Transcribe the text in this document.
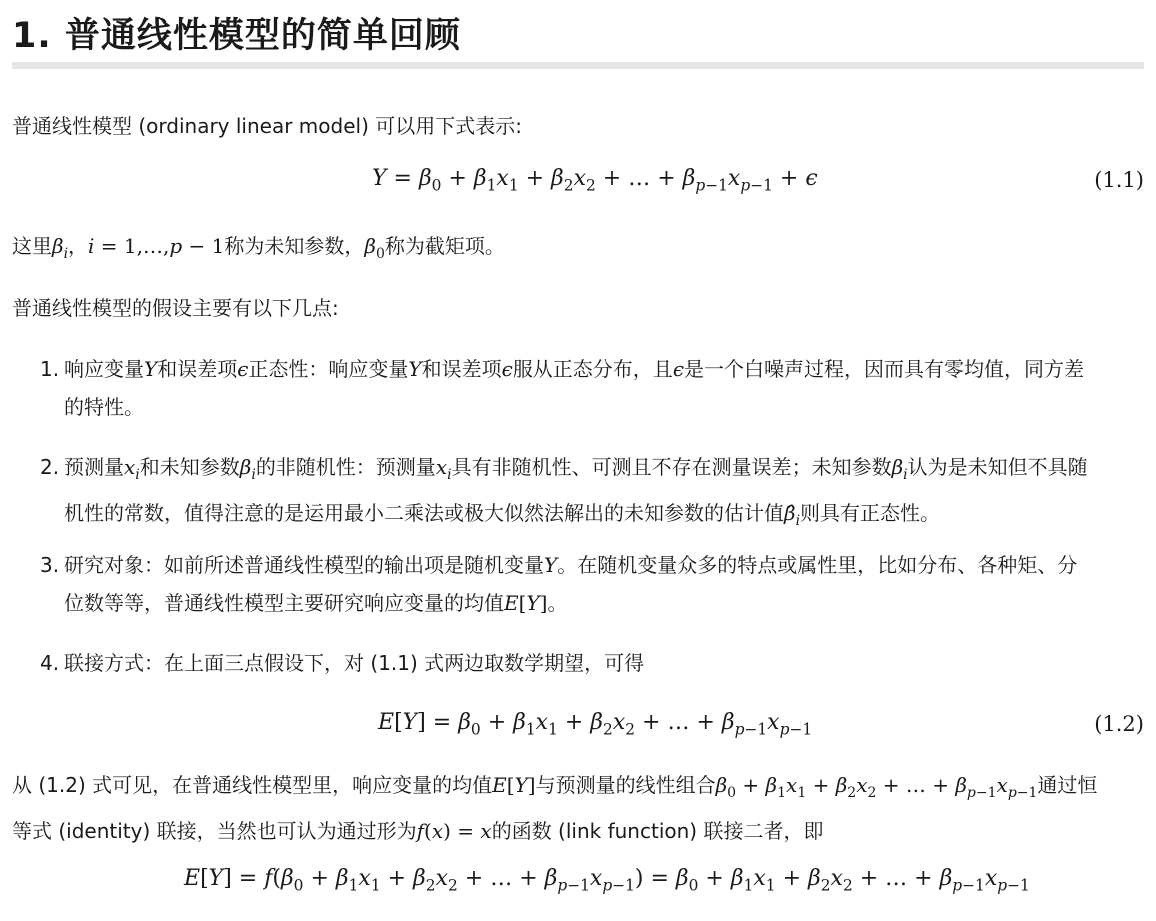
1. 普通线性模型的简单回顾
普通线性模型 (ordinary linear model) 可以用下式表示:
$Y = \beta_0 + \beta_1x_1 + \beta_2x_2$ + … + $\beta_{p-1}x_{p-1} + \epsilon$	(1.1)
这里$\beta_i$，i = 1,…,p − 1称为未知参数，$\beta_0$称为截矩项。
普通线性模型的假设主要有以下几点:
1. 响应变量Y和误差项ϵ正态性：响应变量Y和误差项ϵ服从正态分布，且ϵ是一个白噪声过程，因而具有零均值，同方差
的特性。
2. 预测量$x_i$和未知参数$\beta_i$的非随机性：预测量$x_i$具有非随机性、可测且不存在测量误差；未知参数$\beta_i$认为是未知但不具随
机性的常数，值得注意的是运用最小二乘法或极大似然法解出的未知参数的估计值$\betâ_i$则具有正态性。
3. 研究对象：如前所述普通线性模型的输出项是随机变量Y。在随机变量众多的特点或属性里，比如分布、各种矩、分
位数等等，普通线性模型主要研究响应变量的均值E[Y]。
4. 联接方式：在上面三点假设下，对 (1.1) 式两边取数学期望，可得
$E[Y] = \beta_0 + \beta_1x_1 + \beta_2x_2$ + … + $\beta_{p-1}x_{p-1}$	(1.2)
从 (1.2) 式可见，在普通线性模型里，响应变量的均值E[Y]与预测量的线性组合$\beta_0 + \beta_1x_1 + \beta_2x_2$ + … + $\beta_{p-1}x_{p-1}$通过恒
等式 (identity) 联接，当然也可认为通过形为f(x) = x的函数 (link function) 联接二者，即
$E[Y] = f(\beta_0 + \beta_1x_1 + \beta_2x_2$ + … + $\beta_{p-1}x_{p-1}) = \beta_0 + \beta_1x_1 + \beta_2x_2$ + … + $\beta_{p-1}x_{p-1}$
